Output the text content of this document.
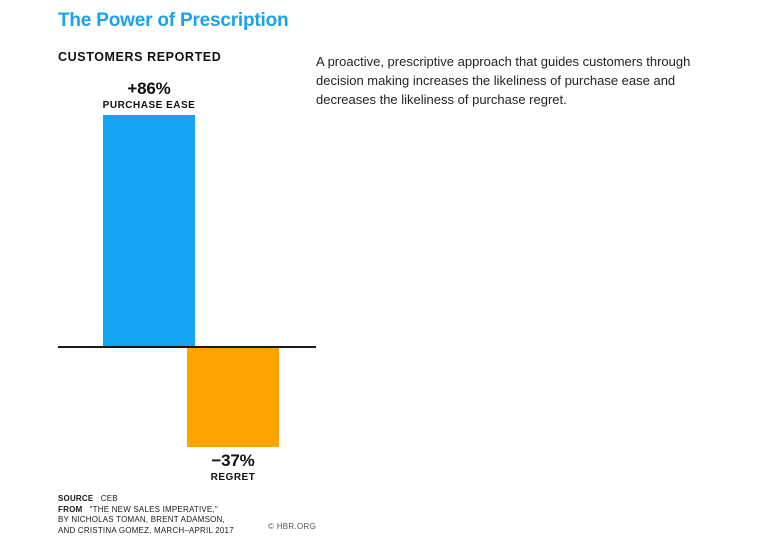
The Power of Prescription
CUSTOMERS REPORTED	A proactive, prescriptive approach that guides customers through decision making increases the likeliness of purchase ease and decreases the likeliness of purchase regret.
+86%
PURCHASE EASE
−37%
REGRET
SOURCE CEB
FROM "THE NEW SALES IMPERATIVE,"
BY NICHOLAS TOMAN, BRENT ADAMSON,
AND CRISTINA GOMEZ, MARCH–APRIL 2017	© HBR.ORG
